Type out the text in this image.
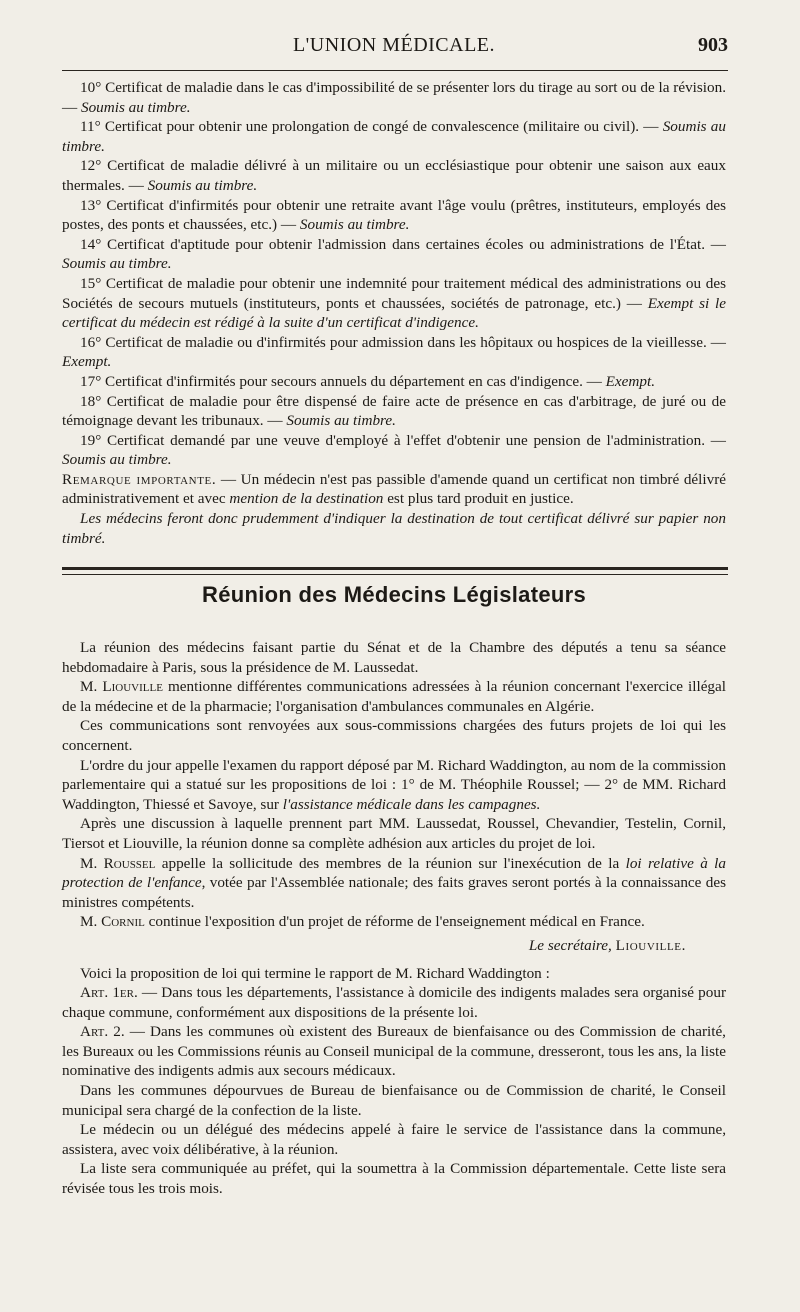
L'UNION MÉDICALE.	903

10° Certificat de maladie dans le cas d'impossibilité de se présenter lors du tirage au sort ou de la révision. — Soumis au timbre.

11° Certificat pour obtenir une prolongation de congé de convalescence (militaire ou civil). — Soumis au timbre.

12° Certificat de maladie délivré à un militaire ou un ecclésiastique pour obtenir une saison aux eaux thermales. — Soumis au timbre.

13° Certificat d'infirmités pour obtenir une retraite avant l'âge voulu (prêtres, instituteurs, employés des postes, des ponts et chaussées, etc.) — Soumis au timbre.

14° Certificat d'aptitude pour obtenir l'admission dans certaines écoles ou administrations de l'État. — Soumis au timbre.

15° Certificat de maladie pour obtenir une indemnité pour traitement médical des administrations ou des Sociétés de secours mutuels (instituteurs, ponts et chaussées, sociétés de patronage, etc.) — Exempt si le certificat du médecin est rédigé à la suite d'un certificat d'indigence.

16° Certificat de maladie ou d'infirmités pour admission dans les hôpitaux ou hospices de la vieillesse. — Exempt.

17° Certificat d'infirmités pour secours annuels du département en cas d'indigence. — Exempt.

18° Certificat de maladie pour être dispensé de faire acte de présence en cas d'arbitrage, de juré ou de témoignage devant les tribunaux. — Soumis au timbre.

19° Certificat demandé par une veuve d'employé à l'effet d'obtenir une pension de l'administration. — Soumis au timbre.

Remarque importante. — Un médecin n'est pas passible d'amende quand un certificat non timbré délivré administrativement et avec mention de la destination est plus tard produit en justice.

Les médecins feront donc prudemment d'indiquer la destination de tout certificat délivré sur papier non timbré.

Réunion des Médecins Législateurs

La réunion des médecins faisant partie du Sénat et de la Chambre des députés a tenu sa séance hebdomadaire à Paris, sous la présidence de M. Laussedat.

M. Liouville mentionne différentes communications adressées à la réunion concernant l'exercice illégal de la médecine et de la pharmacie; l'organisation d'ambulances communales en Algérie.

Ces communications sont renvoyées aux sous-commissions chargées des futurs projets de loi qui les concernent.

L'ordre du jour appelle l'examen du rapport déposé par M. Richard Waddington, au nom de la commission parlementaire qui a statué sur les propositions de loi : 1° de M. Théophile Roussel; — 2° de MM. Richard Waddington, Thiessé et Savoye, sur l'assistance médicale dans les campagnes.

Après une discussion à laquelle prennent part MM. Laussedat, Roussel, Chevandier, Testelin, Cornil, Tiersot et Liouville, la réunion donne sa complète adhésion aux articles du projet de loi.

M. Roussel appelle la sollicitude des membres de la réunion sur l'inexécution de la loi relative à la protection de l'enfance, votée par l'Assemblée nationale; des faits graves seront portés à la connaissance des ministres compétents.

M. Cornil continue l'exposition d'un projet de réforme de l'enseignement médical en France.

Le secrétaire, Liouville.

Voici la proposition de loi qui termine le rapport de M. Richard Waddington :

Art. 1er. — Dans tous les départements, l'assistance à domicile des indigents malades sera organisé pour chaque commune, conformément aux dispositions de la présente loi.

Art. 2. — Dans les communes où existent des Bureaux de bienfaisance ou des Commission de charité, les Bureaux ou les Commissions réunis au Conseil municipal de la commune, dresseront, tous les ans, la liste nominative des indigents admis aux secours médicaux.

Dans les communes dépourvues de Bureau de bienfaisance ou de Commission de charité, le Conseil municipal sera chargé de la confection de la liste.

Le médecin ou un délégué des médecins appelé à faire le service de l'assistance dans la commune, assistera, avec voix délibérative, à la réunion.

La liste sera communiquée au préfet, qui la soumettra à la Commission départementale. Cette liste sera révisée tous les trois mois.
